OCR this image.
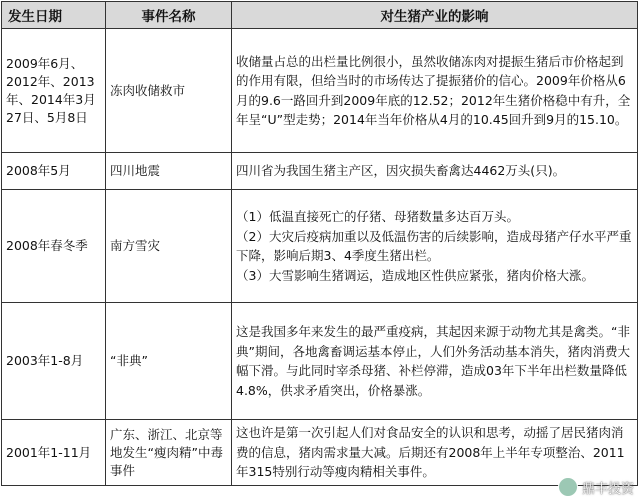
发生日期	事件名称	对生猪产业的影响
2009年6月、2012年、2013年、2014年3月27日、5月8日	冻肉收储救市	收储量占总的出栏量比例很小，虽然收储冻肉对提振生猪后市价格起到的作用有限，但给当时的市场传达了提振猪价的信心。2009年价格从6月的9.6一路回升到2009年底的12.52；2012年生猪价格稳中有升，全年呈“U”型走势；2014年当年价格从4月的10.45回升到9月的15.10。

2008年5月	四川地震	四川省为我国生猪主产区，因灾损失畜禽达4462万头(只)。

2008年春冬季	南方雪灾	（1）低温直接死亡的仔猪、母猪数量多达百万头。

（2）大灾后疫病加重以及低温伤害的后续影响，造成母猪产仔水平严重下降，影响后期3、4季度生猪出栏。

（3）大雪影响生猪调运，造成地区性供应紧张，猪肉价格大涨。

2003年1-8月	“非典”	这是我国多年来发生的最严重疫病，其起因来源于动物尤其是禽类。“非典”期间，各地禽畜调运基本停止，人们外务活动基本消失，猪肉消费大幅下滑。与此同时宰杀母猪、补栏停滞，造成03年下半年出栏数量降低4.8%，供求矛盾突出，价格暴涨。

2001年1-11月	广东、浙江、北京等地发生“瘦肉精”中毒事件	这也许是第一次引起人们对食品安全的认识和思考，动摇了居民猪肉消费的信息，猪肉需求量大减。后期还有2008年上半年专项整治、2011年315特别行动等瘦肉精相关事件。

鼎丰投资
